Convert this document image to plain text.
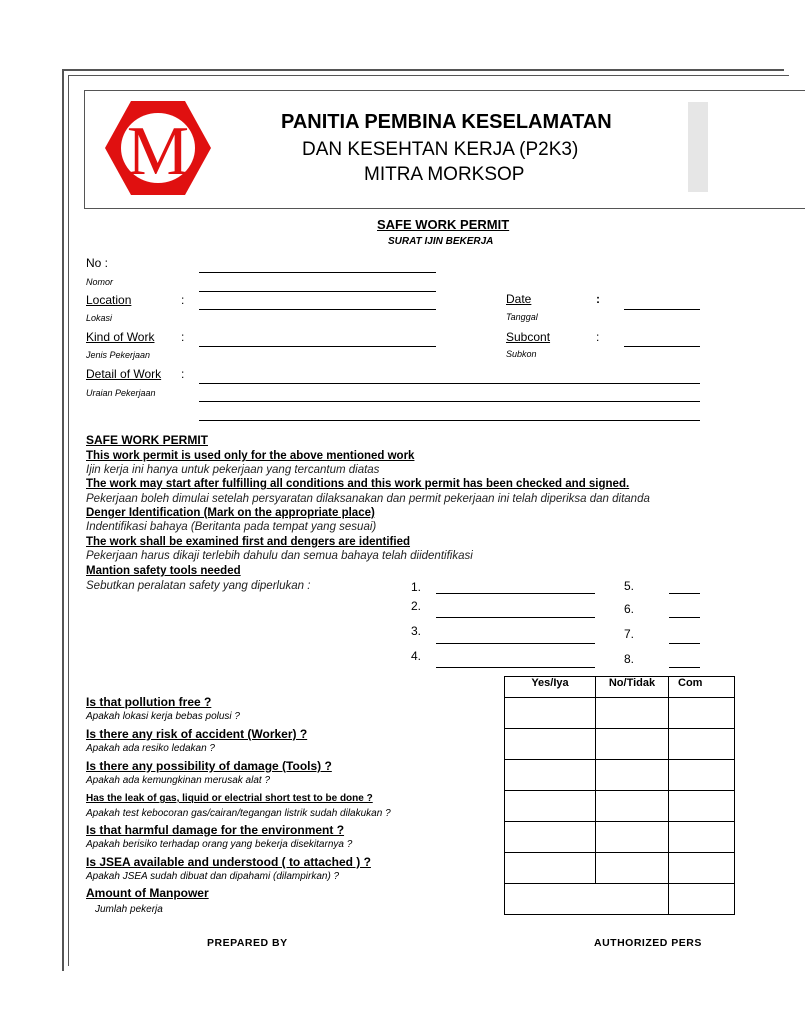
M	PANITIA PEMBINA KESELAMATAN
DAN KESEHTAN KERJA (P2K3)
MITRA MORKSOP
SAFE WORK PERMIT
SURAT IJIN BEKERJA
No :
Nomor
Location	:
Lokasi
Kind of Work :
Jenis Pekerjaan
Detail of Work :
Uraian Pekerjaan
Date	:
Tanggal
Subcont	:
Subkon
SAFE WORK PERMIT
This work permit is used only for the above mentioned work
Ijin kerja ini hanya untuk pekerjaan yang tercantum diatas
The work may start after fulfilling all conditions and this work permit has been checked and signed.
Pekerjaan boleh dimulai setelah persyaratan dilaksanakan dan permit pekerjaan ini telah diperiksa dan ditanda
Denger Identification (Mark on the appropriate place)
Indentifikasi bahaya (Beritanta pada tempat yang sesuai)
The work shall be examined first and dengers are identified
Pekerjaan harus dikaji terlebih dahulu dan semua bahaya telah diidentifikasi
Mantion safety tools needed
Sebutkan peralatan safety yang diperlukan :	1.
2.
3.
4.
5.
6.
7.
8.
Yes/Iya	No/Tidak	Com

Is that pollution free ?
Apakah lokasi kerja bebas polusi ?
Is there any risk of accident (Worker) ?
Apakah ada resiko ledakan ?
Is there any possibility of damage (Tools) ?
Apakah ada kemungkinan merusak alat ?
Has the leak of gas, liquid or electrial short test to be done ?
Apakah test kebocoran gas/cairan/tegangan listrik sudah dilakukan ?
Is that harmful damage for the environment ?
Apakah berisiko terhadap orang yang bekerja disekitarnya ?
Is JSEA available and understood ( to attached ) ?
Apakah JSEA sudah dibuat dan dipahami (dilampirkan) ?
Amount of Manpower
Jumlah pekerja
PREPARED BY	AUTHORIZED PERS
